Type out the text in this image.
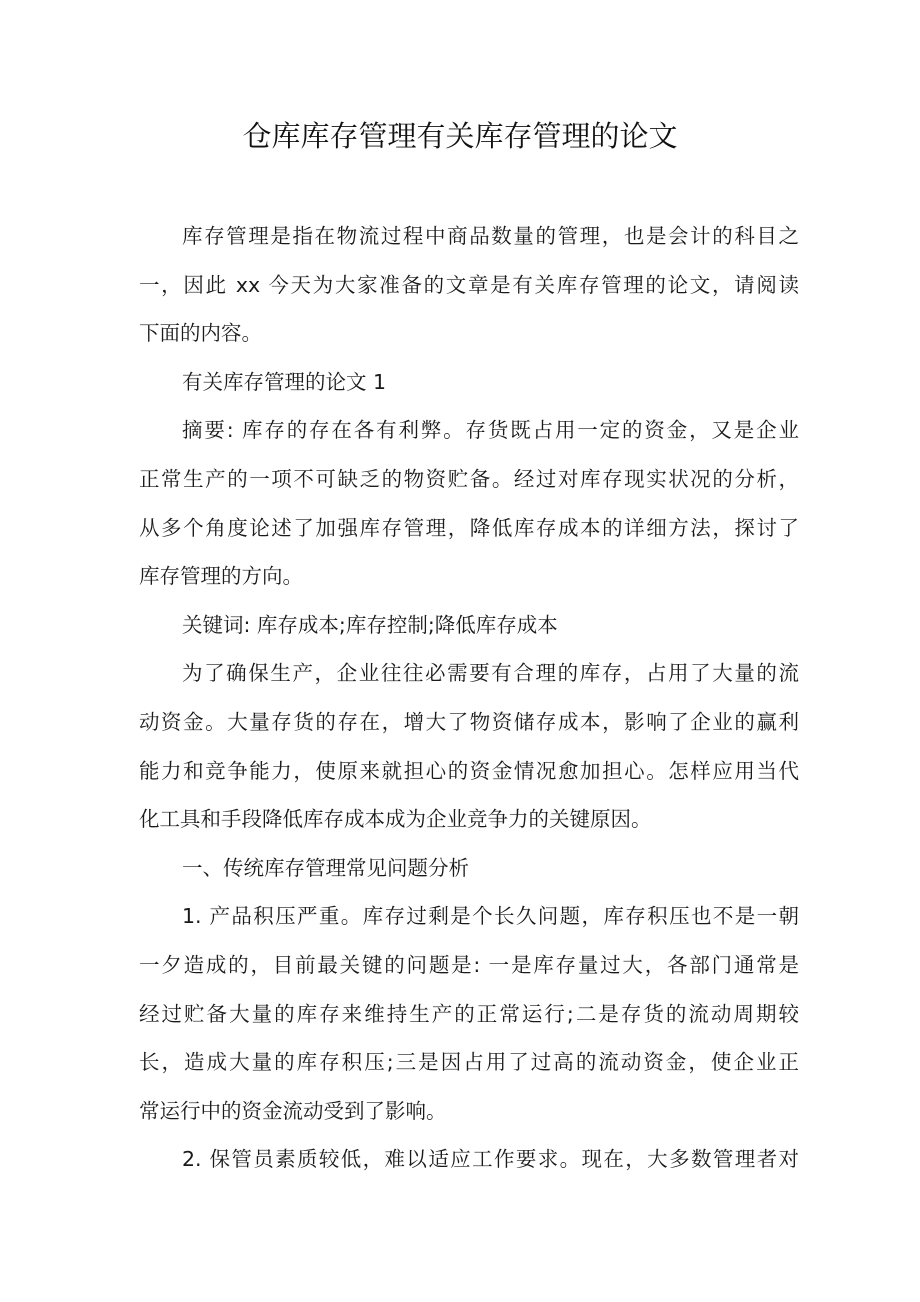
仓库库存管理有关库存管理的论文
库存管理是指在物流过程中商品数量的管理，也是会计的科目之
一，因此 xx 今天为大家准备的文章是有关库存管理的论文，请阅读
下面的内容。
有关库存管理的论文 1
摘要: 库存的存在各有利弊。存货既占用一定的资金，又是企业
正常生产的一项不可缺乏的物资贮备。经过对库存现实状况的分析，
从多个角度论述了加强库存管理，降低库存成本的详细方法，探讨了
库存管理的方向。
关键词: 库存成本;库存控制;降低库存成本
为了确保生产，企业往往必需要有合理的库存，占用了大量的流
动资金。大量存货的存在，增大了物资储存成本，影响了企业的赢利
能力和竞争能力，使原来就担心的资金情况愈加担心。怎样应用当代
化工具和手段降低库存成本成为企业竞争力的关键原因。
一、传统库存管理常见问题分析
1. 产品积压严重。库存过剩是个长久问题，库存积压也不是一朝
一夕造成的，目前最关键的问题是: 一是库存量过大，各部门通常是
经过贮备大量的库存来维持生产的正常运行;二是存货的流动周期较
长，造成大量的库存积压;三是因占用了过高的流动资金，使企业正
常运行中的资金流动受到了影响。
2. 保管员素质较低，难以适应工作要求。现在，大多数管理者对
